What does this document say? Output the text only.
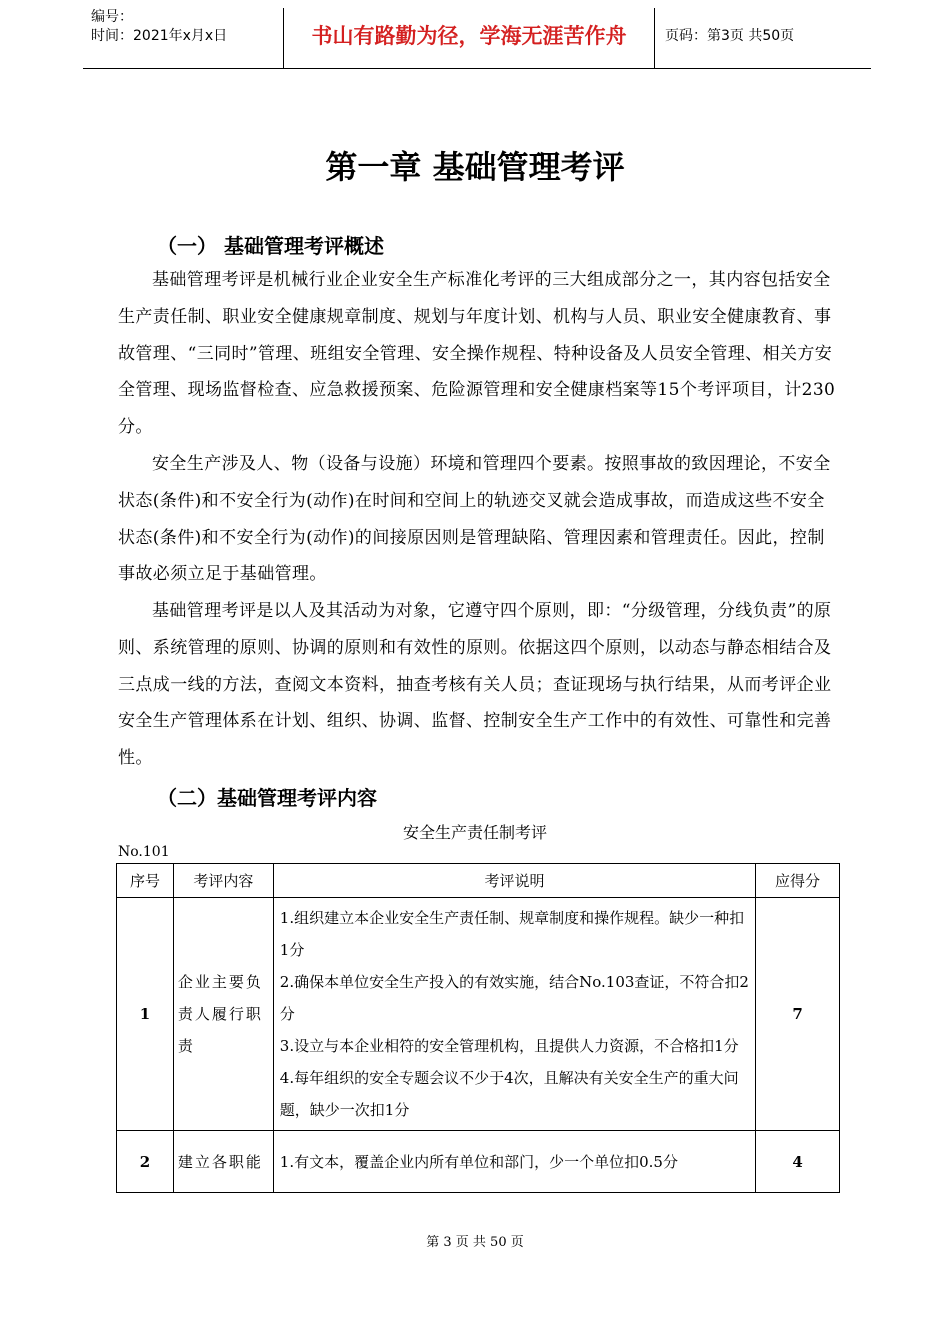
编号：
时间：2021年x月x日	书山有路勤为径，学海无涯苦作舟	页码：第3页 共50页
第一章 基础管理考评

（一） 基础管理考评概述

基础管理考评是机械行业企业安全生产标准化考评的三大组成部分之一，其内容包括安全生产责任制、职业安全健康规章制度、规划与年度计划、机构与人员、职业安全健康教育、事故管理、“三同时”管理、班组安全管理、安全操作规程、特种设备及人员安全管理、相关方安全管理、现场监督检查、应急救援预案、危险源管理和安全健康档案等15个考评项目，计230分。

安全生产涉及人、物（设备与设施）环境和管理四个要素。按照事故的致因理论，不安全状态(条件)和不安全行为(动作)在时间和空间上的轨迹交叉就会造成事故，而造成这些不安全状态(条件)和不安全行为(动作)的间接原因则是管理缺陷、管理因素和管理责任。因此，控制事故必须立足于基础管理。

基础管理考评是以人及其活动为对象，它遵守四个原则，即：“分级管理，分线负责”的原则、系统管理的原则、协调的原则和有效性的原则。依据这四个原则，以动态与静态相结合及三点成一线的方法，查阅文本资料，抽查考核有关人员；查证现场与执行结果，从而考评企业安全生产管理体系在计划、组织、协调、监督、控制安全生产工作中的有效性、可靠性和完善性。

（二）基础管理考评内容

安全生产责任制考评

No.101

序号	考评内容	考评说明	应得分
1	企业主要负责人履行职责	1.组织建立本企业安全生产责任制、规章制度和操作规程。缺少一种扣1分
2.确保本单位安全生产投入的有效实施，结合No.103查证，不符合扣2分
3.设立与本企业相符的安全管理机构，且提供人力资源，不合格扣1分
4.每年组织的安全专题会议不少于4次，且解决有关安全生产的重大问题，缺少一次扣1分	7
2	建立各职能	1.有文本，覆盖企业内所有单位和部门，少一个单位扣0.5分	4

第 3 页 共 50 页
